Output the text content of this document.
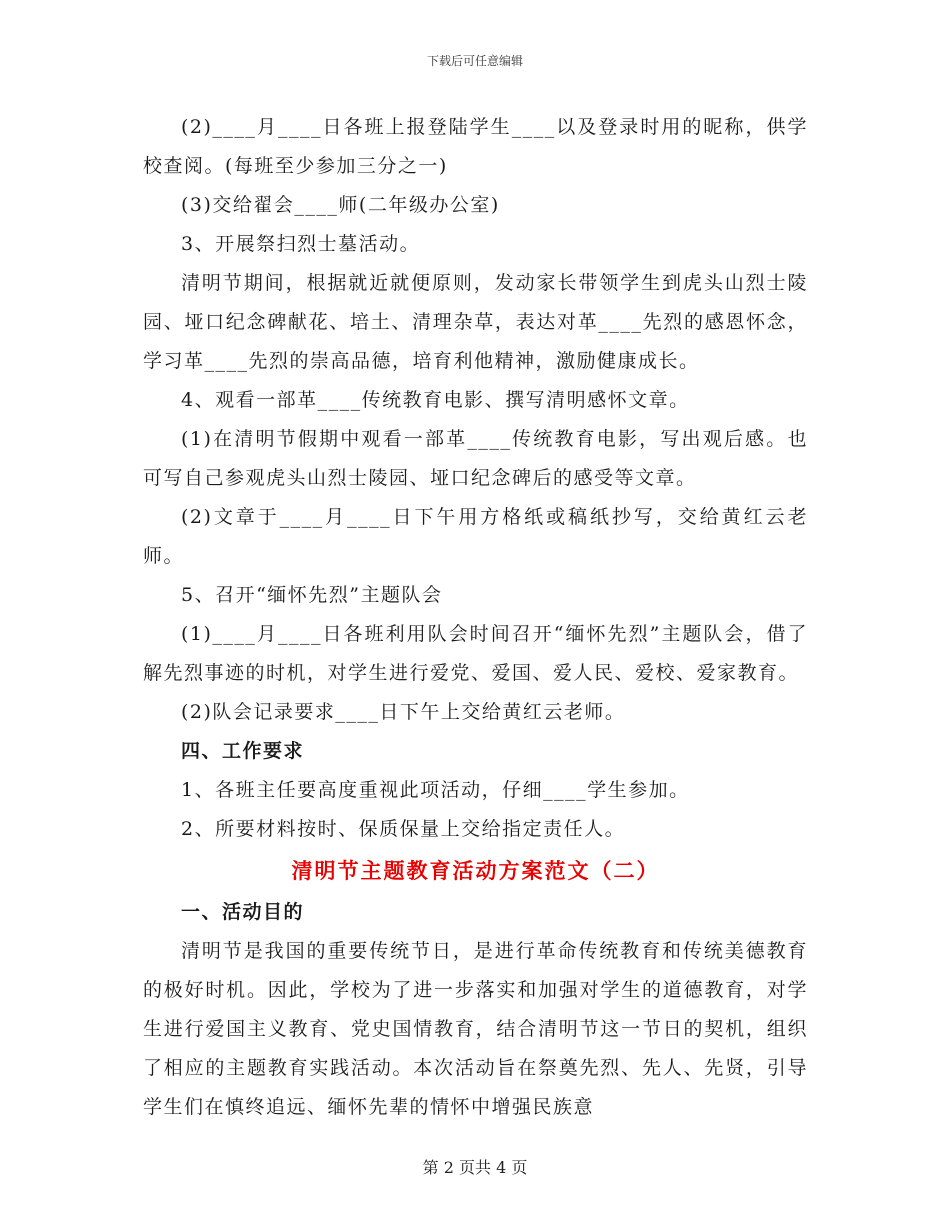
下载后可任意编辑

(2)____月____日各班上报登陆学生____以及登录时用的昵称，供学校查阅。(每班至少参加三分之一)

(3)交给翟会____师(二年级办公室)

3、开展祭扫烈士墓活动。

清明节期间，根据就近就便原则，发动家长带领学生到虎头山烈士陵园、垭口纪念碑献花、培土、清理杂草，表达对革____先烈的感恩怀念，学习革____先烈的崇高品德，培育利他精神，激励健康成长。

4、观看一部革____传统教育电影、撰写清明感怀文章。

(1)在清明节假期中观看一部革____传统教育电影，写出观后感。也可写自己参观虎头山烈士陵园、垭口纪念碑后的感受等文章。

(2)文章于____月____日下午用方格纸或稿纸抄写，交给黄红云老师。

5、召开“缅怀先烈”主题队会

(1)____月____日各班利用队会时间召开“缅怀先烈”主题队会，借了解先烈事迹的时机，对学生进行爱党、爱国、爱人民、爱校、爱家教育。

(2)队会记录要求____日下午上交给黄红云老师。

四、工作要求

1、各班主任要高度重视此项活动，仔细____学生参加。

2、所要材料按时、保质保量上交给指定责任人。

清明节主题教育活动方案范文（二）

一、活动目的

清明节是我国的重要传统节日，是进行革命传统教育和传统美德教育的极好时机。因此，学校为了进一步落实和加强对学生的道德教育，对学生进行爱国主义教育、党史国情教育，结合清明节这一节日的契机，组织了相应的主题教育实践活动。本次活动旨在祭奠先烈、先人、先贤，引导学生们在慎终追远、缅怀先辈的情怀中增强民族意

第 2 页共 4 页
